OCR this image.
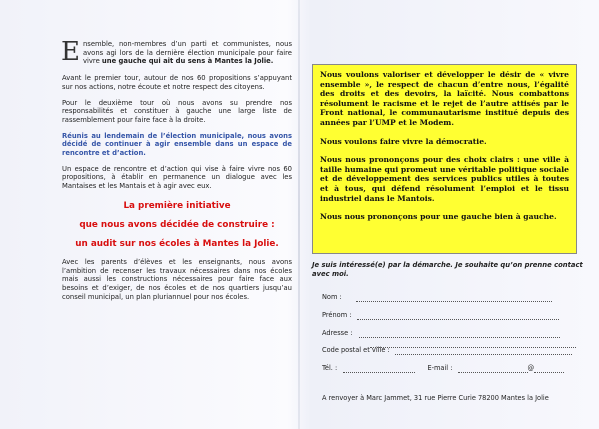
Ensemble, non-membres d’un parti et communistes, nous avons agi lors de la dernière élection municipale pour faire vivre une gauche qui ait du sens à Mantes la Jolie.

Avant le premier tour, autour de nos 60 propositions s’appuyant sur nos actions, notre écoute et notre respect des citoyens.

Pour le deuxième tour où nous avons su prendre nos responsabilités et constituer à gauche une large liste de rassemblement pour faire face à la droite.

Réunis au lendemain de l’élection municipale, nous avons décidé de continuer à agir ensemble dans un espace de rencontre et d’action.

Un espace de rencontre et d’action qui vise à faire vivre nos 60 propositions, à établir en permanence un dialogue avec les Mantaises et les Mantais et à agir avec eux.

La première initiative

que nous avons décidée de construire :

un audit sur nos écoles à Mantes la Jolie.

Avec les parents d’élèves et les enseignants, nous avons l’ambition de recenser les travaux nécessaires dans nos écoles mais aussi les constructions nécessaires pour faire face aux besoins et d’exiger, de nos écoles et de nos quartiers jusqu’au conseil municipal, un plan pluriannuel pour nos écoles.

Nous voulons valoriser et développer le désir de « vivre ensemble », le respect de chacun d’entre nous, l’égalité des droits et des devoirs, la laïcité. Nous combattons résolument le racisme et le rejet de l’autre attisés par le Front national, le communautarisme institué depuis des années par l’UMP et le Modem.

Nous voulons faire vivre la démocratie.

Nous nous prononçons pour des choix clairs : une ville à taille humaine qui promeut une véritable politique sociale et de développement des services publics utiles à toutes et à tous, qui défend résolument l’emploi et le tissu industriel dans le Mantois.

Nous nous prononçons pour une gauche bien à gauche.

Je suis intéressé(e) par la démarche. Je souhaite qu’on prenne contact avec moi.

Nom :
Prénom :
Adresse :
Code postal et ville :
Tél. :	E-mail :	@
A renvoyer à Marc Jammet, 31 rue Pierre Curie 78200 Mantes la Jolie
